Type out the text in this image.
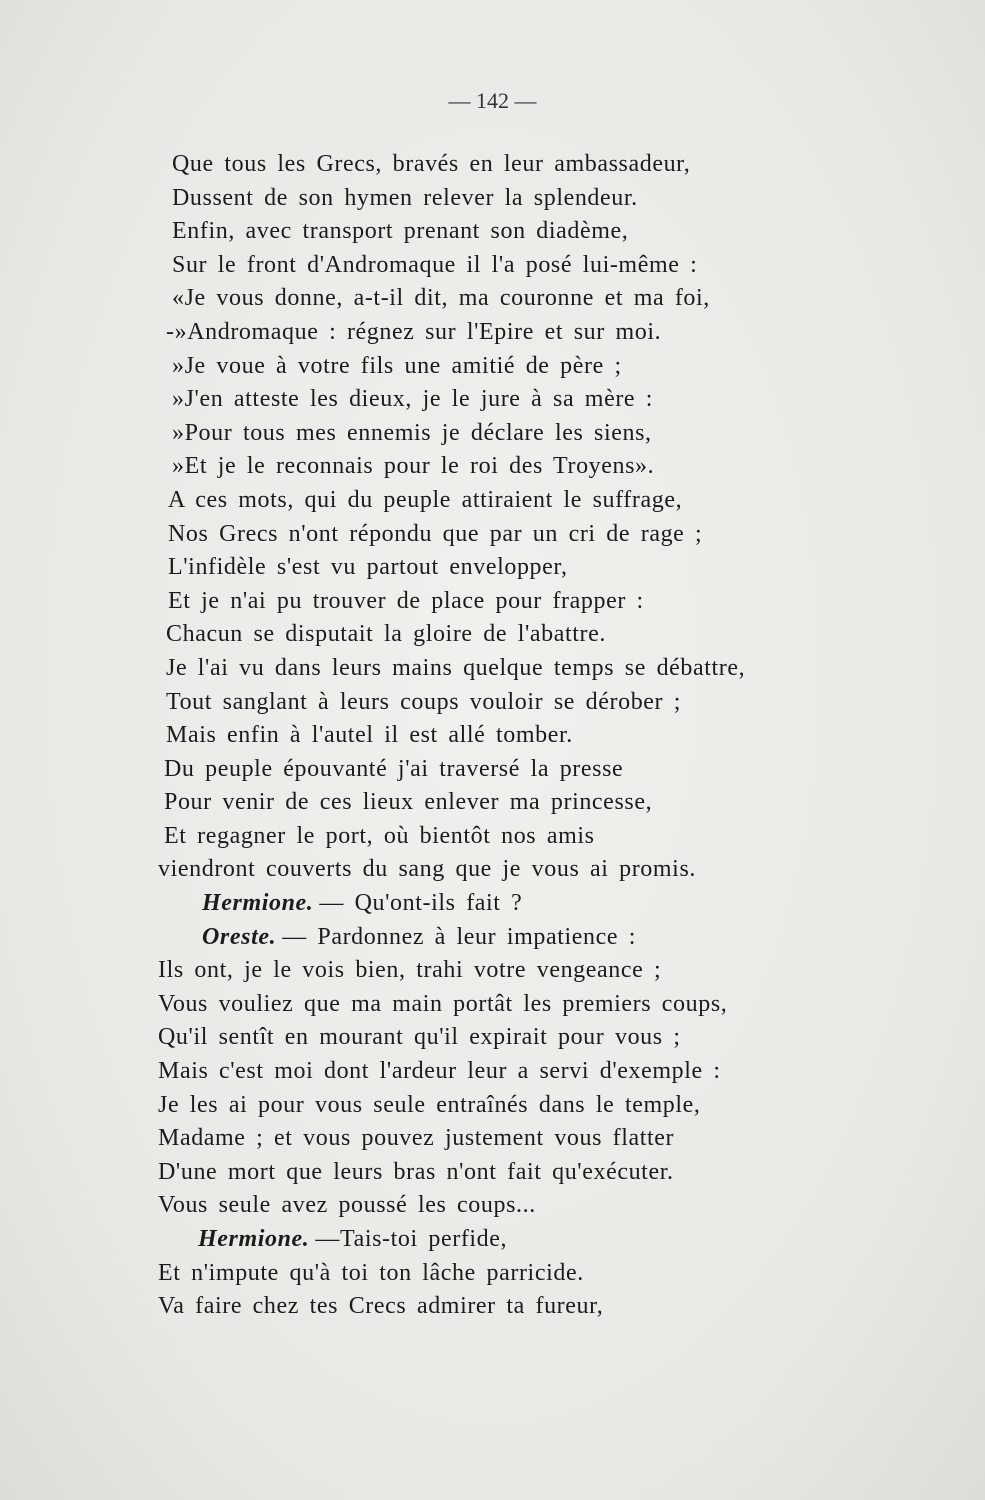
— 142 —
Que tous les Grecs, bravés en leur ambassadeur,
Dussent de son hymen relever la splendeur.
Enfin, avec transport prenant son diadème,
Sur le front d'Andromaque il l'a posé lui-même :
«Je vous donne, a-t-il dit, ma couronne et ma foi,
-»Andromaque : régnez sur l'Epire et sur moi.
»Je voue à votre fils une amitié de père ;
»J'en atteste les dieux, je le jure à sa mère :
»Pour tous mes ennemis je déclare les siens,
»Et je le reconnais pour le roi des Troyens».
A ces mots, qui du peuple attiraient le suffrage,
Nos Grecs n'ont répondu que par un cri de rage ;
L'infidèle s'est vu partout envelopper,
Et je n'ai pu trouver de place pour frapper :
Chacun se disputait la gloire de l'abattre.
Je l'ai vu dans leurs mains quelque temps se débattre,
Tout sanglant à leurs coups vouloir se dérober ;
Mais enfin à l'autel il est allé tomber.
Du peuple épouvanté j'ai traversé la presse
Pour venir de ces lieux enlever ma princesse,
Et regagner le port, où bientôt nos amis
viendront couverts du sang que je vous ai promis.
Hermione. — Qu'ont-ils fait ?
Oreste. — Pardonnez à leur impatience :
Ils ont, je le vois bien, trahi votre vengeance ;
Vous vouliez que ma main portât les premiers coups,
Qu'il sentît en mourant qu'il expirait pour vous ;
Mais c'est moi dont l'ardeur leur a servi d'exemple :
Je les ai pour vous seule entraînés dans le temple,
Madame ; et vous pouvez justement vous flatter
D'une mort que leurs bras n'ont fait qu'exécuter.
Vous seule avez poussé les coups...
Hermione. —Tais-toi perfide,
Et n'impute qu'à toi ton lâche parricide.
Va faire chez tes Crecs admirer ta fureur,
